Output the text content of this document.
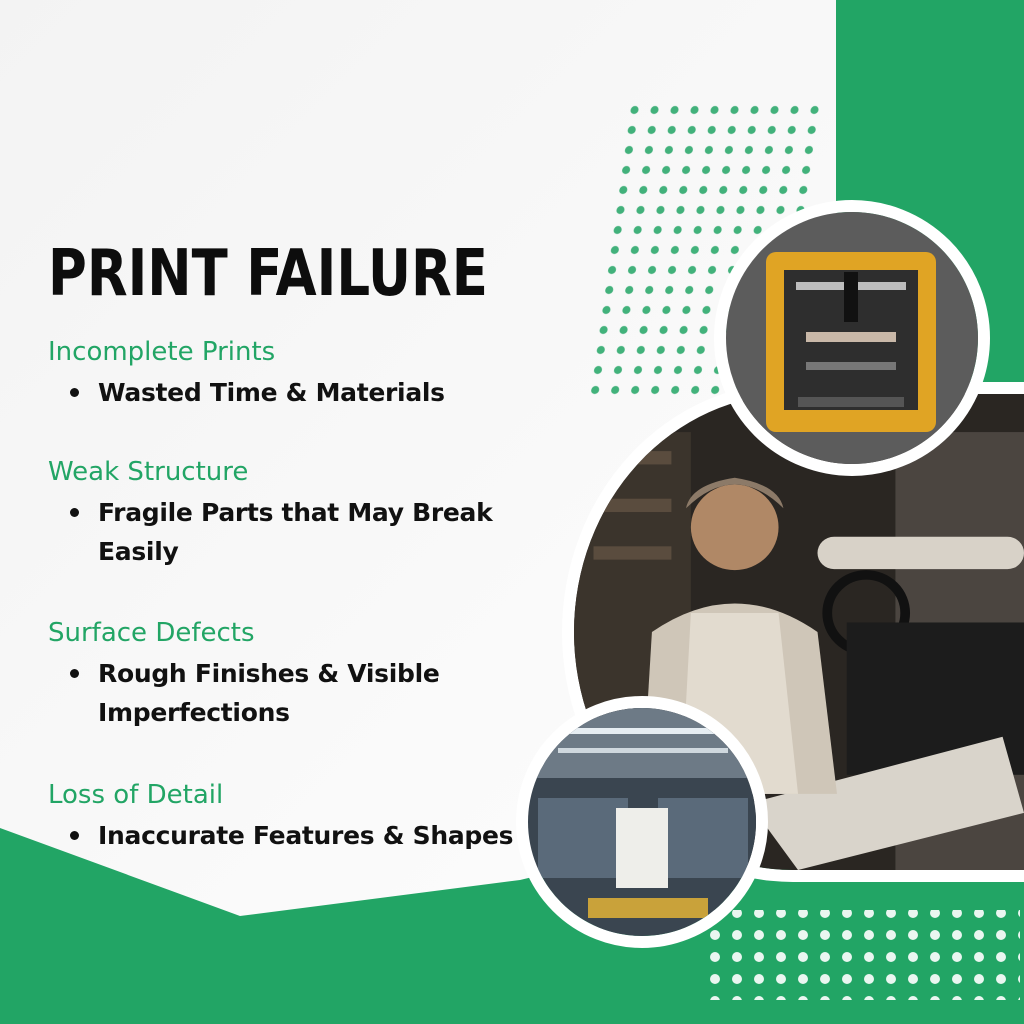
PRINT FAILURE

Incomplete Prints

Wasted Time & Materials

Weak Structure

Fragile Parts that May Break Easily

Surface Defects

Rough Finishes & Visible Imperfections

Loss of Detail

Inaccurate Features & Shapes
